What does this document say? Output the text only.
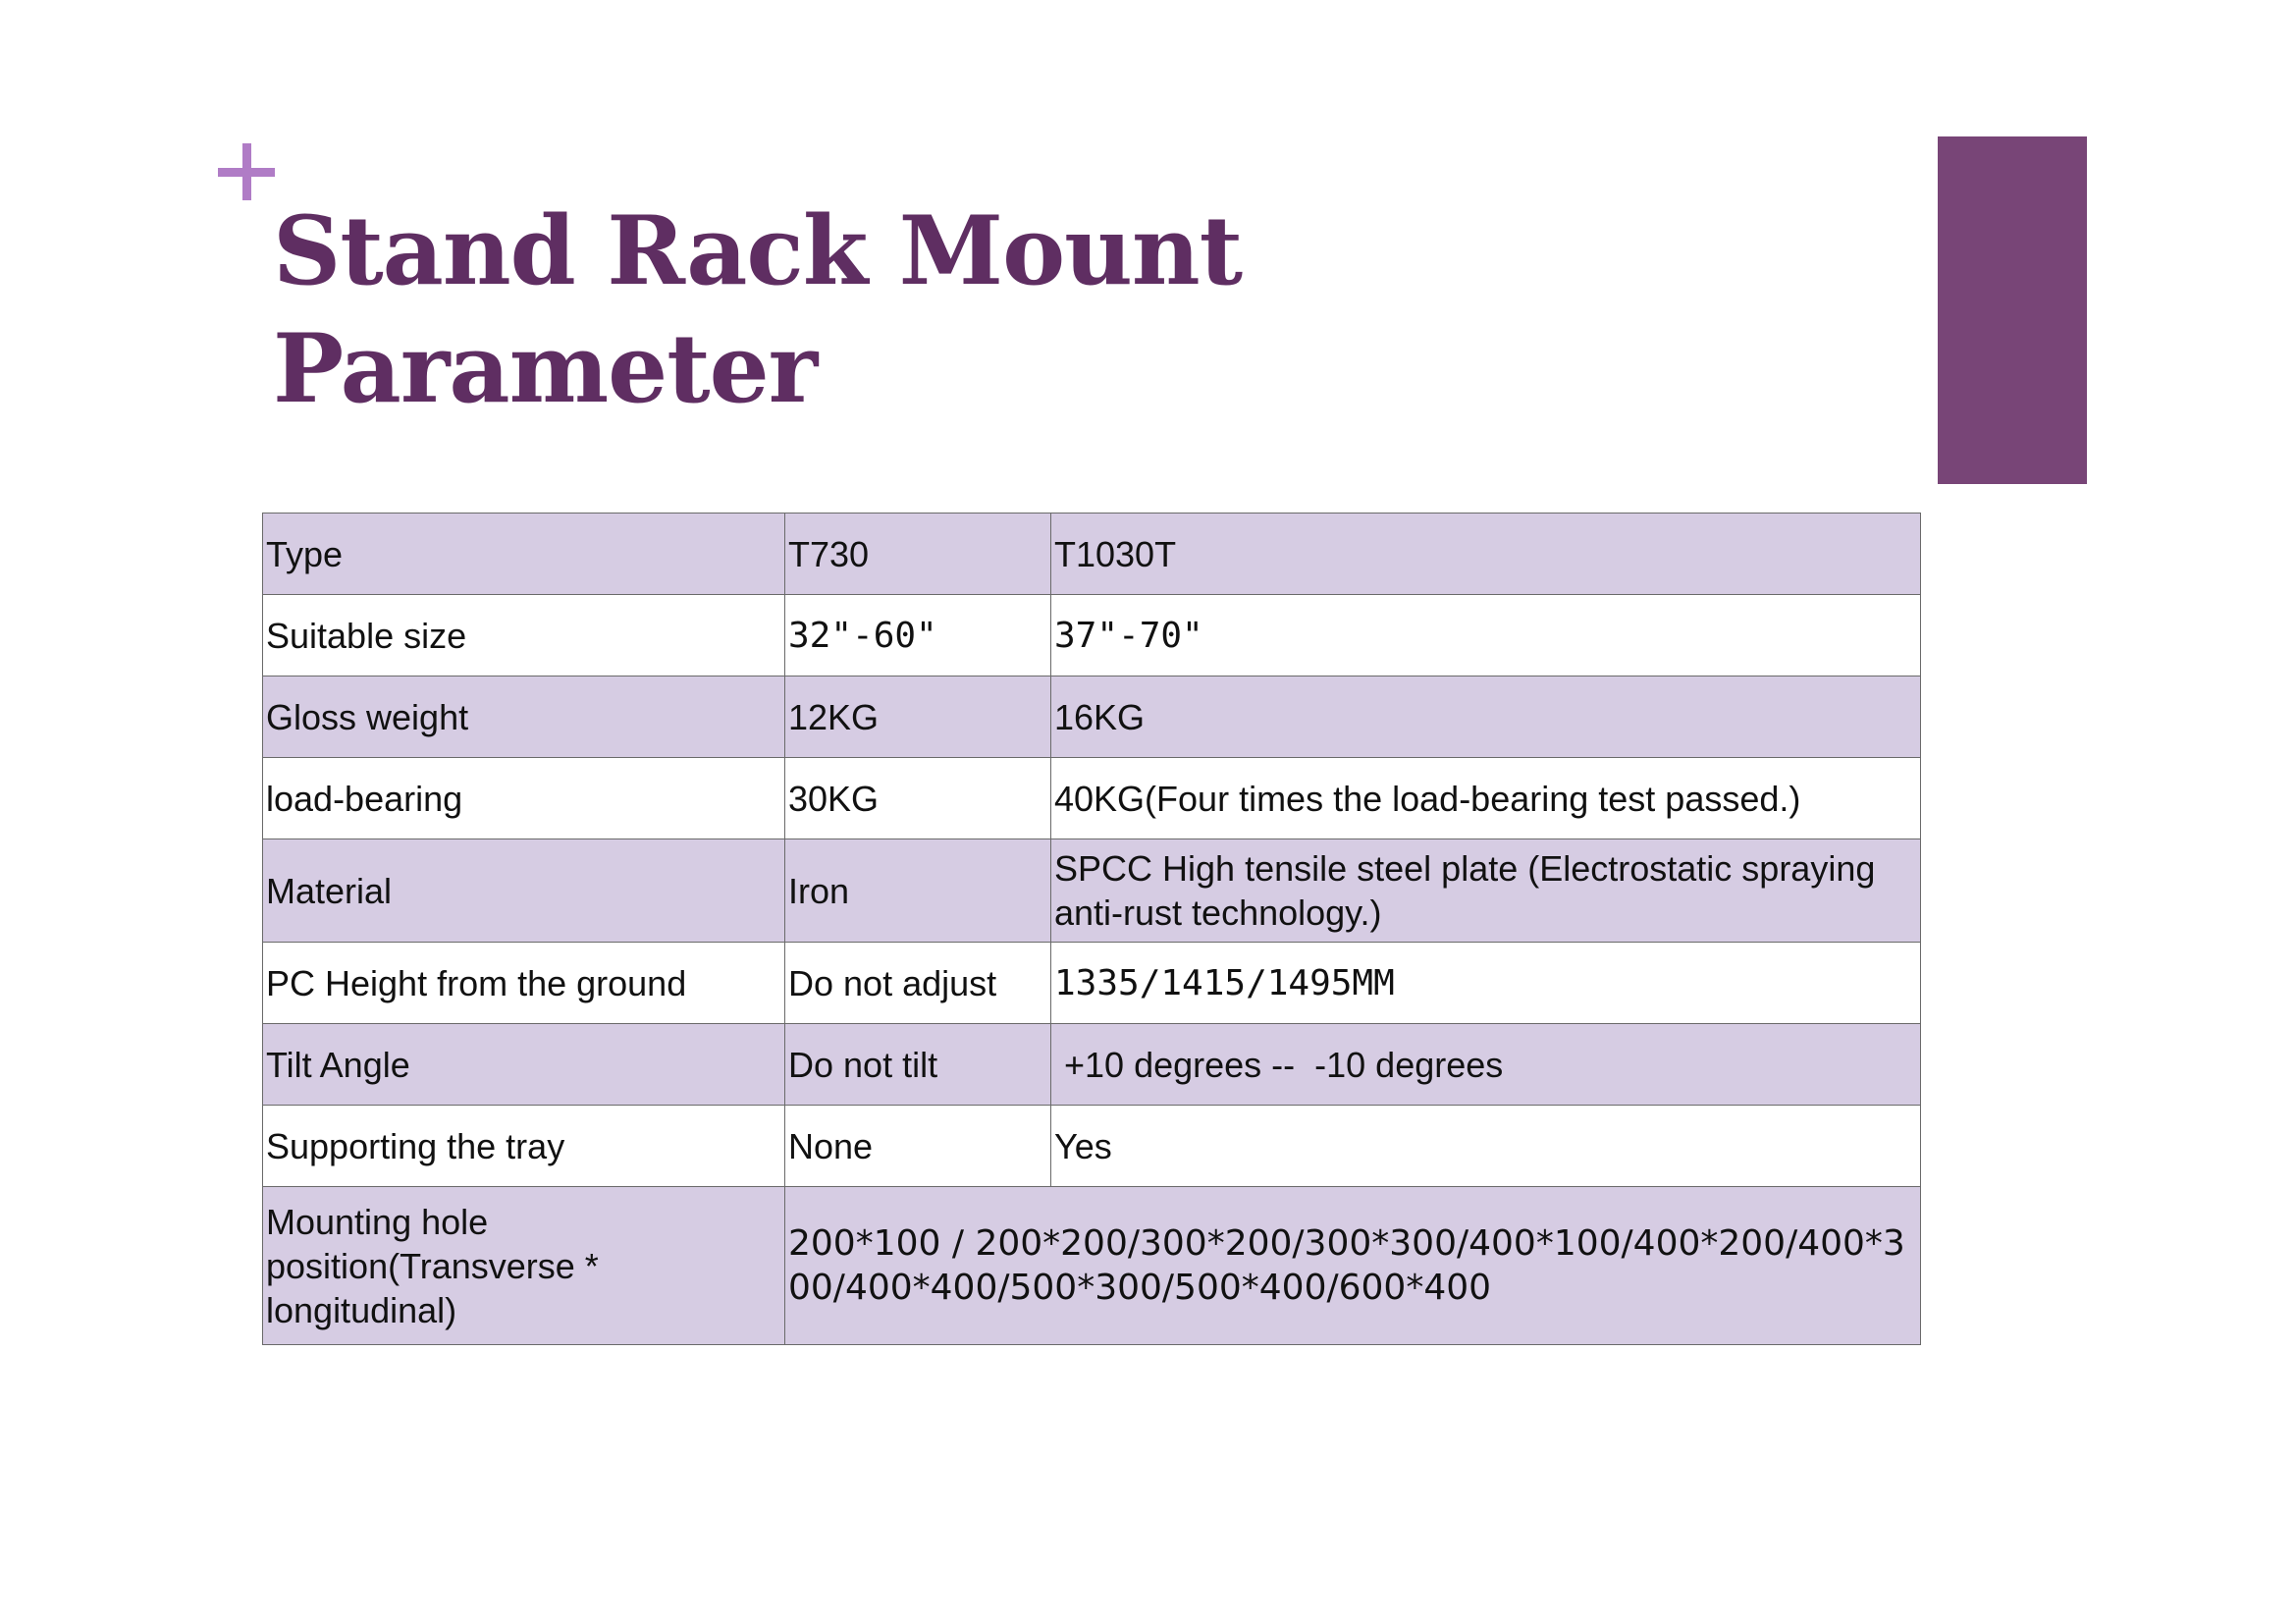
Stand Rack Mount
Parameter
Type	T730	T1030T
Suitable size	32"-60"	37"-70"
Gloss weight	12KG	16KG
load-bearing	30KG	40KG(Four times the load-bearing test passed.)
Material	Iron	SPCC High tensile steel plate (Electrostatic spraying anti-rust technology.)
PC Height from the ground	Do not adjust	1335/1415/1495MM
Tilt Angle	Do not tilt	+10 degrees --  -10 degrees
Supporting the tray	None	Yes
Mounting hole position(Transverse * longitudinal)	200*100 / 200*200/300*200/300*300/400*100/400*200/400*300/400*400/500*300/500*400/600*400	
